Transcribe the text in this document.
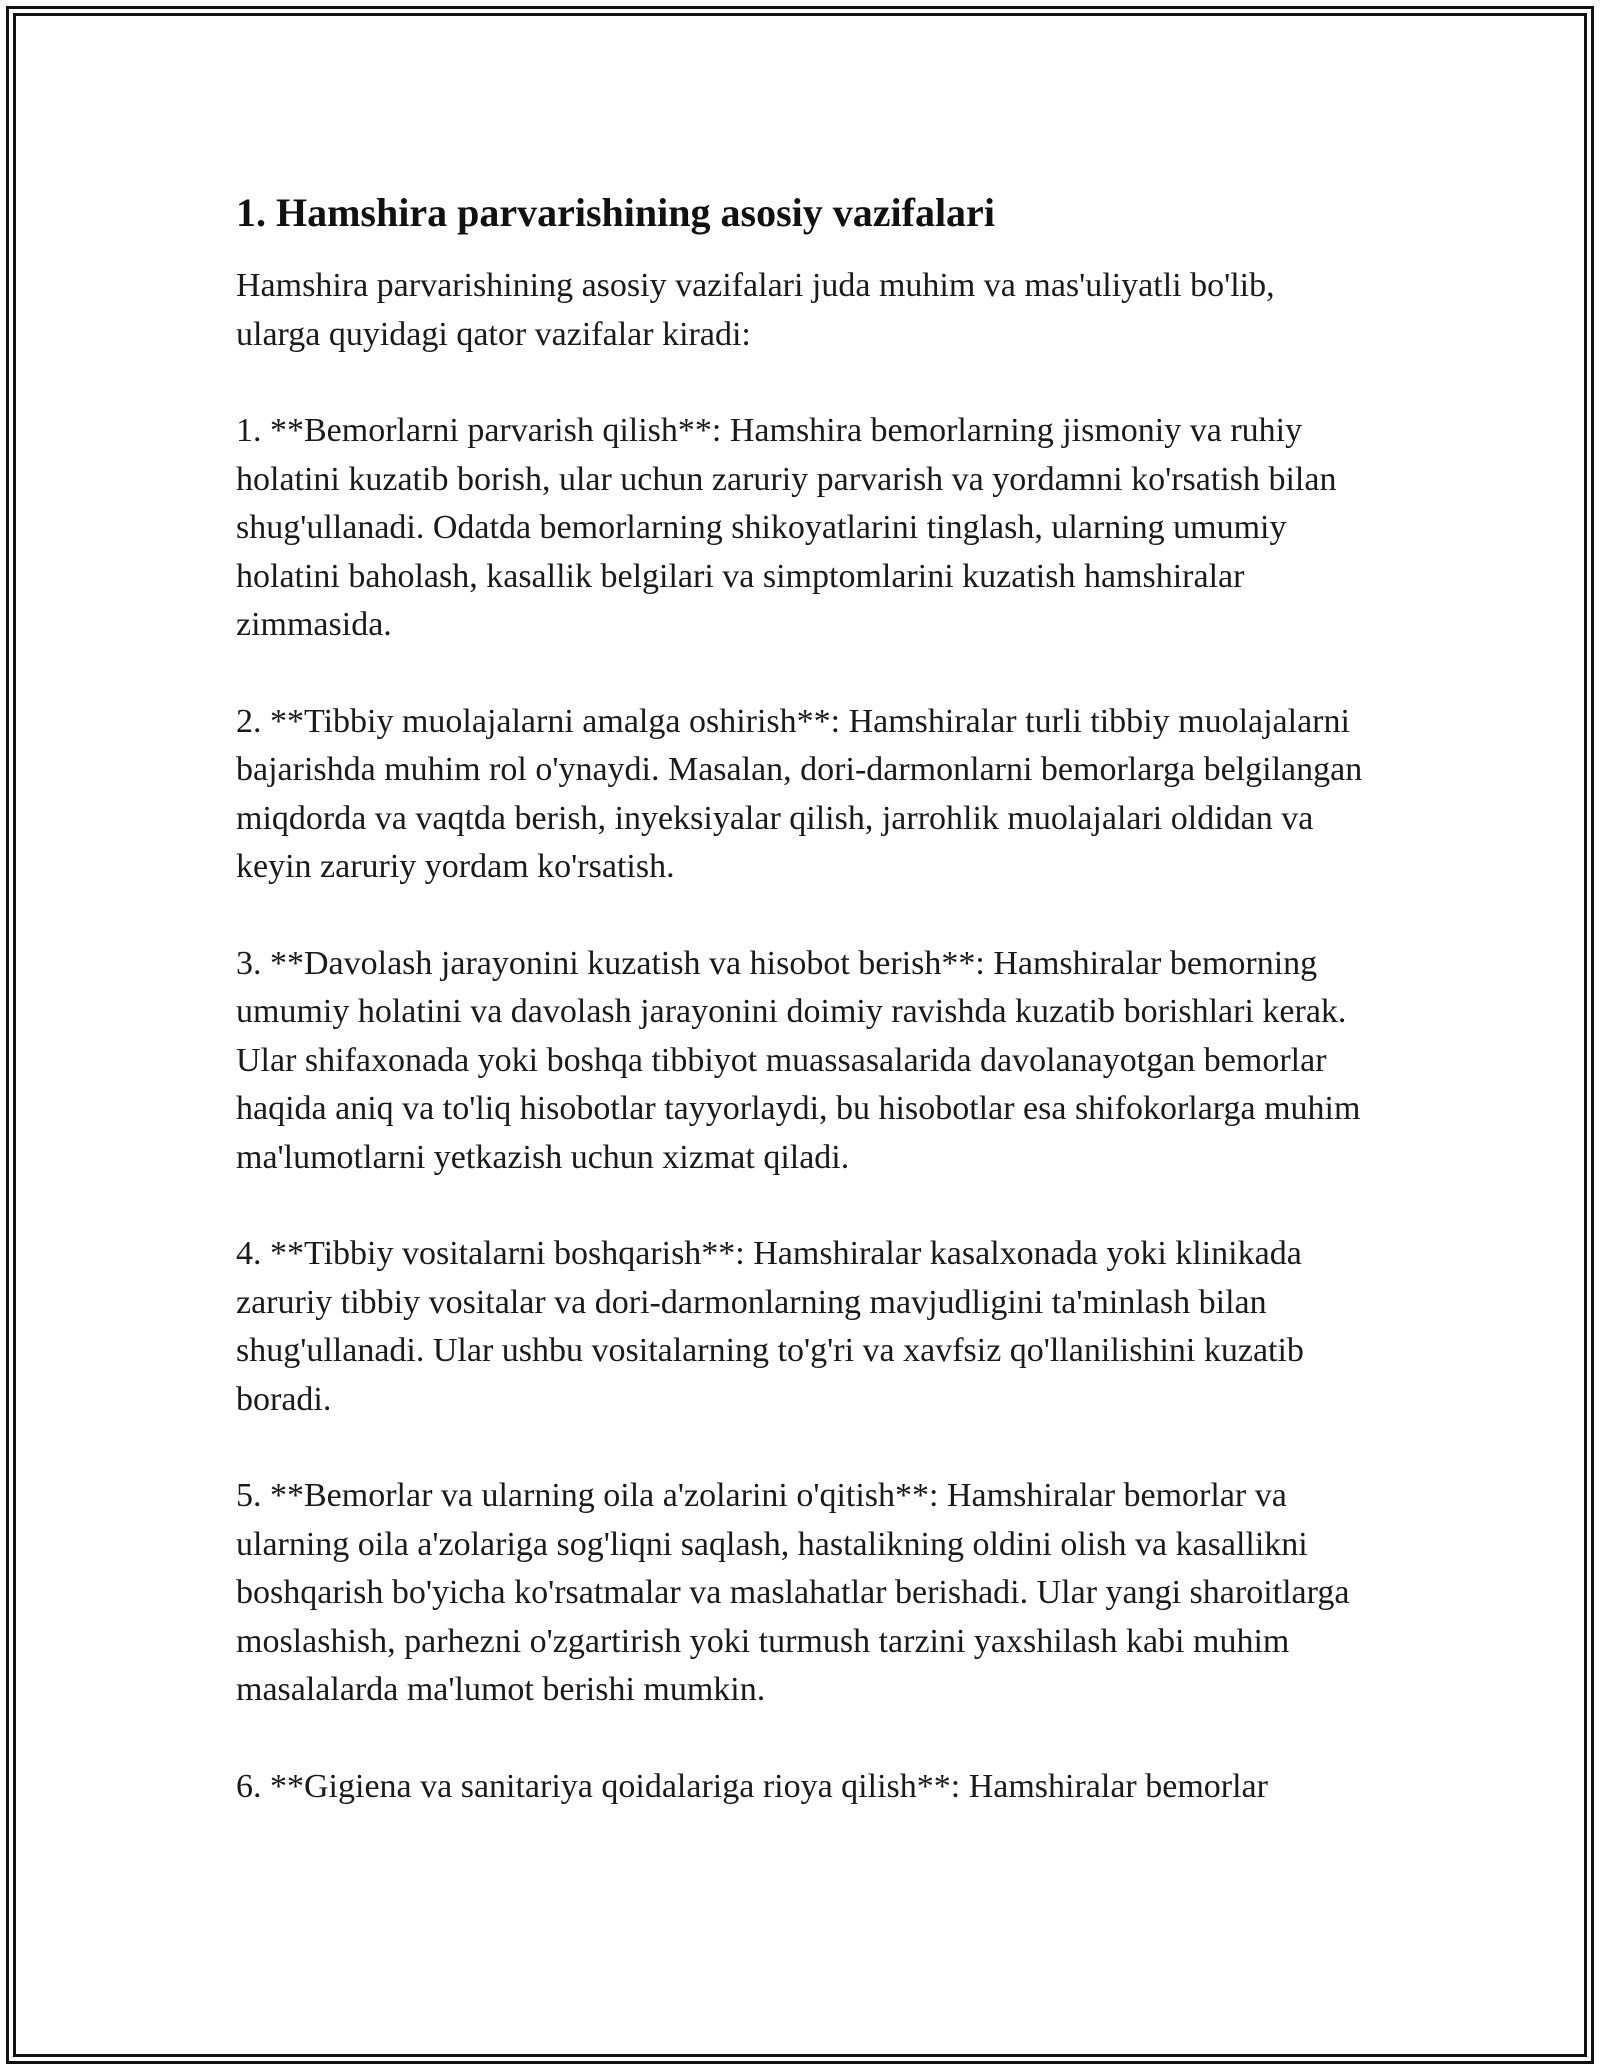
1. Hamshira parvarishining asosiy vazifalari

Hamshira parvarishining asosiy vazifalari juda muhim va mas'uliyatli bo'lib, ularga quyidagi qator vazifalar kiradi:

1. **Bemorlarni parvarish qilish**: Hamshira bemorlarning jismoniy va ruhiy holatini kuzatib borish, ular uchun zaruriy parvarish va yordamni ko'rsatish bilan shug'ullanadi. Odatda bemorlarning shikoyatlarini tinglash, ularning umumiy holatini baholash, kasallik belgilari va simptomlarini kuzatish hamshiralar zimmasida.

2. **Tibbiy muolajalarni amalga oshirish**: Hamshiralar turli tibbiy muolajalarni bajarishda muhim rol o'ynaydi. Masalan, dori-darmonlarni bemorlarga belgilangan miqdorda va vaqtda berish, inyeksiyalar qilish, jarrohlik muolajalari oldidan va keyin zaruriy yordam ko'rsatish.

3. **Davolash jarayonini kuzatish va hisobot berish**: Hamshiralar bemorning umumiy holatini va davolash jarayonini doimiy ravishda kuzatib borishlari kerak. Ular shifaxonada yoki boshqa tibbiyot muassasalarida davolanayotgan bemorlar haqida aniq va to'liq hisobotlar tayyorlaydi, bu hisobotlar esa shifokorlarga muhim ma'lumotlarni yetkazish uchun xizmat qiladi.

4. **Tibbiy vositalarni boshqarish**: Hamshiralar kasalxonada yoki klinikada zaruriy tibbiy vositalar va dori-darmonlarning mavjudligini ta'minlash bilan shug'ullanadi. Ular ushbu vositalarning to'g'ri va xavfsiz qo'llanilishini kuzatib boradi.

5. **Bemorlar va ularning oila a'zolarini o'qitish**: Hamshiralar bemorlar va ularning oila a'zolariga sog'liqni saqlash, hastalikning oldini olish va kasallikni boshqarish bo'yicha ko'rsatmalar va maslahatlar berishadi. Ular yangi sharoitlarga moslashish, parhezni o'zgartirish yoki turmush tarzini yaxshilash kabi muhim masalalarda ma'lumot berishi mumkin.

6. **Gigiena va sanitariya qoidalariga rioya qilish**: Hamshiralar bemorlar
